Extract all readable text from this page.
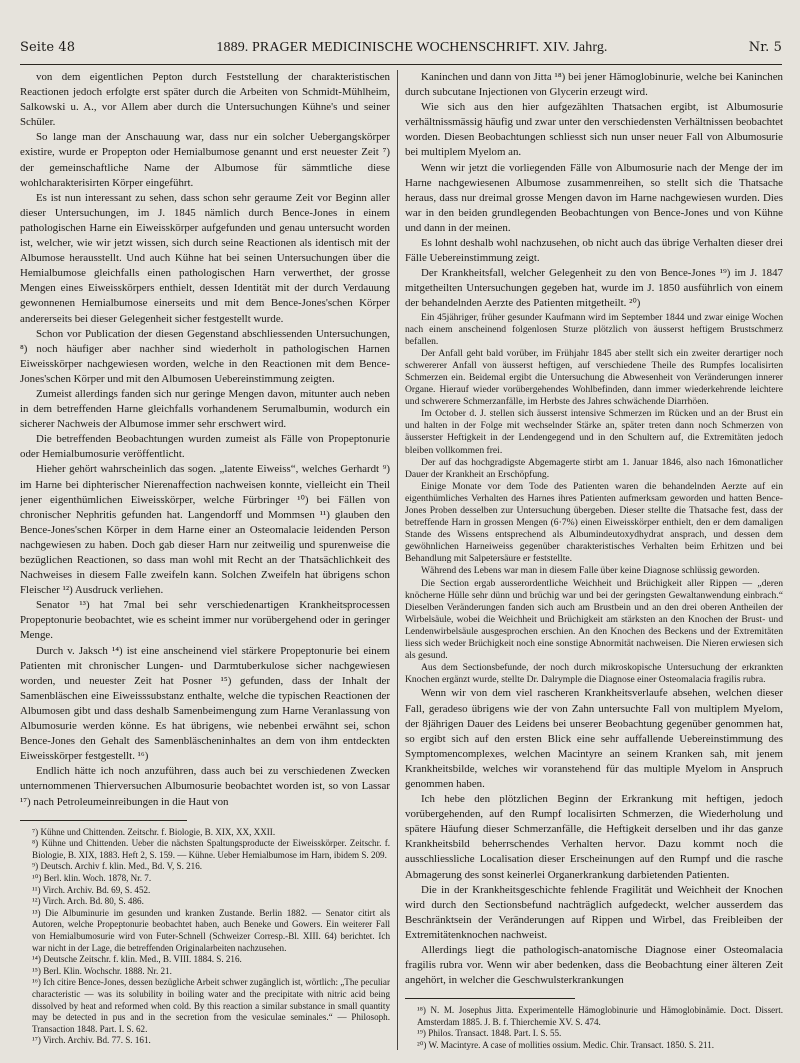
Seite 48	1889. PRAGER MEDICINISCHE WOCHENSCHRIFT. XIV. Jahrg.	Nr. 5

von dem eigentlichen Pepton durch Feststellung der charakteristischen Reactionen jedoch erfolgte erst später durch die Arbeiten von Schmidt-Mühlheim, Salkowski u. A., vor Allem aber durch die Untersuchungen Kühne's und seiner Schüler.

So lange man der Anschauung war, dass nur ein solcher Uebergangskörper existire, wurde er Propepton oder Hemialbumose genannt und erst neuester Zeit ⁷) der gemeinschaftliche Name der Albumose für sämmtliche diese wohlcharakterisirten Körper eingeführt.

Es ist nun interessant zu sehen, dass schon sehr geraume Zeit vor Beginn aller dieser Untersuchungen, im J. 1845 nämlich durch Bence-Jones in einem pathologischen Harne ein Eiweisskörper aufgefunden und genau untersucht worden ist, welcher, wie wir jetzt wissen, sich durch seine Reactionen als identisch mit der Albumose herausstellt. Und auch Kühne hat bei seinen Untersuchungen über die Hemialbumose gleichfalls einen pathologischen Harn verwerthet, der grosse Mengen eines Eiweisskörpers enthielt, dessen Identität mit der durch Verdauung gewonnenen Hemialbumose einerseits und mit dem Bence-Jones'schen Körper andererseits bei dieser Gelegenheit sicher festgestellt wurde.

Schon vor Publication der diesen Gegenstand abschliessenden Untersuchungen, ⁸) noch häufiger aber nachher sind wiederholt in pathologischen Harnen Eiweisskörper nachgewiesen worden, welche in den Reactionen mit dem Bence-Jones'schen Körper und mit den Albumosen Uebereinstimmung zeigten.

Zumeist allerdings fanden sich nur geringe Mengen davon, mitunter auch neben in dem betreffenden Harne gleichfalls vorhandenem Serumalbumin, wodurch ein sicherer Nachweis der Albumose immer sehr erschwert wird.

Die betreffenden Beobachtungen wurden zumeist als Fälle von Propeptonurie oder Hemialbumosurie veröffentlicht.

Hieher gehört wahrscheinlich das sogen. „latente Eiweiss“, welches Gerhardt ⁹) im Harne bei diphterischer Nierenaffection nachweisen konnte, vielleicht ein Theil jener eigenthümlichen Eiweisskörper, welche Fürbringer ¹⁰) bei Fällen von chronischer Nephritis gefunden hat. Langendorff und Mommsen ¹¹) glauben den Bence-Jones'schen Körper in dem Harne einer an Osteomalacie leidenden Person nachgewiesen zu haben. Doch gab dieser Harn nur zeitweilig und spurenweise die bezüglichen Reactionen, so dass man wohl mit Recht an der Thatsächlichkeit des Nachweises in diesem Falle zweifeln kann. Solchen Zweifeln hat übrigens schon Fleischer ¹²) Ausdruck verliehen.

Senator ¹³) hat 7mal bei sehr verschiedenartigen Krankheitsprocessen Propeptonurie beobachtet, wie es scheint immer nur vorübergehend oder in geringer Menge.

Durch v. Jaksch ¹⁴) ist eine anscheinend viel stärkere Propeptonurie bei einem Patienten mit chronischer Lungen- und Darmtuberkulose sicher nachgewiesen worden, und neuester Zeit hat Posner ¹⁵) gefunden, dass der Inhalt der Samenbläschen eine Eiweisssubstanz enthalte, welche die typischen Reactionen der Albumosen gibt und dass deshalb Samenbeimengung zum Harne Veranlassung von Albumosurie werden könne. Es hat übrigens, wie nebenbei erwähnt sei, schon Bence-Jones den Gehalt des Samenbläscheninhaltes an dem von ihm entdeckten Eiweisskörper festgestellt. ¹⁶)

Endlich hätte ich noch anzuführen, dass auch bei zu verschiedenen Zwecken unternommenen Thierversuchen Albumosurie beobachtet worden ist, so von Lassar ¹⁷) nach Petroleumeinreibungen in die Haut von

⁷) Kühne und Chittenden. Zeitschr. f. Biologie, B. XIX, XX, XXII.

⁸) Kühne und Chittenden. Ueber die nächsten Spaltungsproducte der Eiweisskörper. Zeitschr. f. Biologie, B. XIX, 1883. Heft 2, S. 159. — Kühne. Ueber Hemialbumose im Harn, ibidem S. 209.

⁹) Deutsch. Archiv f. klin. Med., Bd. V, S. 216.

¹⁰) Berl. klin. Woch. 1878, Nr. 7.

¹¹) Virch. Archiv. Bd. 69, S. 452.

¹²) Virch. Arch. Bd. 80, S. 486.

¹³) Die Albuminurie im gesunden und kranken Zustande. Berlin 1882. — Senator citirt als Autoren, welche Propeptonurie beobachtet haben, auch Beneke und Gowers. Ein weiterer Fall von Hemialbumosurie wird von Futer-Schnell (Schweizer Corresp.-Bl. XIII. 64) berichtet. Ich war nicht in der Lage, die betreffenden Originalarbeiten nachzusehen.

¹⁴) Deutsche Zeitschr. f. klin. Med., B. VIII. 1884. S. 216.

¹⁵) Berl. Klin. Wochschr. 1888. Nr. 21.

¹⁶) Ich citire Bence-Jones, dessen bezügliche Arbeit schwer zugänglich ist, wörtlich: „The peculiar characteristic — was its solubility in boiling water and the precipitate with nitric acid being dissolved by heat and reformed when cold. By this reaction a similar substance in small quantity may be detected in pus and in the secretion from the vesiculae seminales.“ — Philosoph. Transaction 1848. Part. I. S. 62.

¹⁷) Virch. Archiv. Bd. 77. S. 161.

Kaninchen und dann von Jitta ¹⁸) bei jener Hämoglobinurie, welche bei Kaninchen durch subcutane Injectionen von Glycerin erzeugt wird.

Wie sich aus den hier aufgezählten Thatsachen ergibt, ist Albumosurie verhältnissmässig häufig und zwar unter den verschiedensten Verhältnissen beobachtet worden. Diesen Beobachtungen schliesst sich nun unser neuer Fall von Albumosurie bei multiplem Myelom an.

Wenn wir jetzt die vorliegenden Fälle von Albumosurie nach der Menge der im Harne nachgewiesenen Albumose zusammenreihen, so stellt sich die Thatsache heraus, dass nur dreimal grosse Mengen davon im Harne nachgewiesen wurden. Dies war in den beiden grundlegenden Beobachtungen von Bence-Jones und von Kühne und dann in der meinen.

Es lohnt deshalb wohl nachzusehen, ob nicht auch das übrige Verhalten dieser drei Fälle Uebereinstimmung zeigt.

Der Krankheitsfall, welcher Gelegenheit zu den von Bence-Jones ¹⁹) im J. 1847 mitgetheilten Untersuchungen gegeben hat, wurde im J. 1850 ausführlich von einem der behandelnden Aerzte des Patienten mitgetheilt. ²⁰)

Ein 45jähriger, früher gesunder Kaufmann wird im September 1844 und zwar einige Wochen nach einem anscheinend folgenlosen Sturze plötzlich von äusserst heftigem Brustschmerz befallen.

Der Anfall geht bald vorüber, im Frühjahr 1845 aber stellt sich ein zweiter derartiger noch schwererer Anfall von äusserst heftigen, auf verschiedene Theile des Rumpfes localisirten Schmerzen ein. Beidemal ergibt die Untersuchung die Abwesenheit von Veränderungen innerer Organe. Hierauf wieder vorübergehendes Wohlbefinden, dann immer wiederkehrende leichtere und schwerere Schmerzanfälle, im Herbste des Jahres schwächende Diarrhöen.

Im October d. J. stellen sich äusserst intensive Schmerzen im Rücken und an der Brust ein und halten in der Folge mit wechselnder Stärke an, später treten dann noch Schmerzen von äusserster Heftigkeit in der Lendengegend und in den Schultern auf, die Extremitäten jedoch bleiben vollkommen frei.

Der auf das hochgradigste Abgemagerte stirbt am 1. Januar 1846, also nach 16monatlicher Dauer der Krankheit an Erschöpfung.

Einige Monate vor dem Tode des Patienten waren die behandelnden Aerzte auf ein eigenthümliches Verhalten des Harnes ihres Patienten aufmerksam geworden und hatten Bence-Jones Proben desselben zur Untersuchung übergeben. Dieser stellte die Thatsache fest, dass der betreffende Harn in grossen Mengen (6·7%) einen Eiweisskörper enthielt, den er dem damaligen Stande des Wissens entsprechend als Albumindeutoxydhydrat ansprach, und dessen dem gewöhnlichen Harneiweiss gegenüber charakteristisches Verhalten beim Erhitzen und bei Behandlung mit Salpetersäure er feststellte.

Während des Lebens war man in diesem Falle über keine Diagnose schlüssig geworden.

Die Section ergab ausserordentliche Weichheit und Brüchigkeit aller Rippen — „deren knöcherne Hülle sehr dünn und brüchig war und bei der geringsten Gewaltanwendung einbrach.“ Dieselben Veränderungen fanden sich auch am Brustbein und an den drei oberen Antheilen der Wirbelsäule, wobei die Weichheit und Brüchigkeit am stärksten an den Knochen der Brust- und Lendenwirbelsäule ausgesprochen erschien. An den Knochen des Beckens und der Extremitäten liess sich weder Brüchigkeit noch eine sonstige Abnormität nachweisen. Die Nieren erwiesen sich als gesund.

Aus dem Sectionsbefunde, der noch durch mikroskopische Untersuchung der erkrankten Knochen ergänzt wurde, stellte Dr. Dalrymple die Diagnose einer Osteomalacia fragilis rubra.

Wenn wir von dem viel rascheren Krankheitsverlaufe absehen, welchen dieser Fall, geradeso übrigens wie der von Zahn untersuchte Fall von multiplem Myelom, der 8jährigen Dauer des Leidens bei unserer Beobachtung gegenüber genommen hat, so ergibt sich auf den ersten Blick eine sehr auffallende Uebereinstimmung des Symptomencomplexes, welchen Macintyre an seinem Kranken sah, mit jenem Krankheitsbilde, welches wir voranstehend für das multiple Myelom in Anspruch genommen haben.

Ich hebe den plötzlichen Beginn der Erkrankung mit heftigen, jedoch vorübergehenden, auf den Rumpf localisirten Schmerzen, die Wiederholung und spätere Häufung dieser Schmerzanfälle, die Heftigkeit derselben und ihr das ganze Krankheitsbild beherrschendes Verhalten hervor. Dazu kommt noch die ausschliessliche Localisation dieser Erscheinungen auf den Rumpf und die rasche Abmagerung des sonst keinerlei Organerkrankung darbietenden Patienten.

Die in der Krankheitsgeschichte fehlende Fragilität und Weichheit der Knochen wird durch den Sectionsbefund nachträglich aufgedeckt, welcher ausserdem das Beschränktsein der Veränderungen auf Rippen und Wirbel, das Freibleiben der Extremitätenknochen nachweist.

Allerdings liegt die pathologisch-anatomische Diagnose einer Osteomalacia fragilis rubra vor. Wenn wir aber bedenken, dass die Beobachtung einer älteren Zeit angehört, in welcher die Geschwulsterkrankungen

¹⁸) N. M. Josephus Jitta. Experimentelle Hämoglobinurie und Hämoglobinämie. Doct. Dissert. Amsterdam 1885. J. B. f. Thierchemie XV. S. 474.

¹⁹) Philos. Transact. 1848. Part. I. S. 55.

²⁰) W. Macintyre. A case of mollities ossium. Medic. Chir. Transact. 1850. S. 211.
